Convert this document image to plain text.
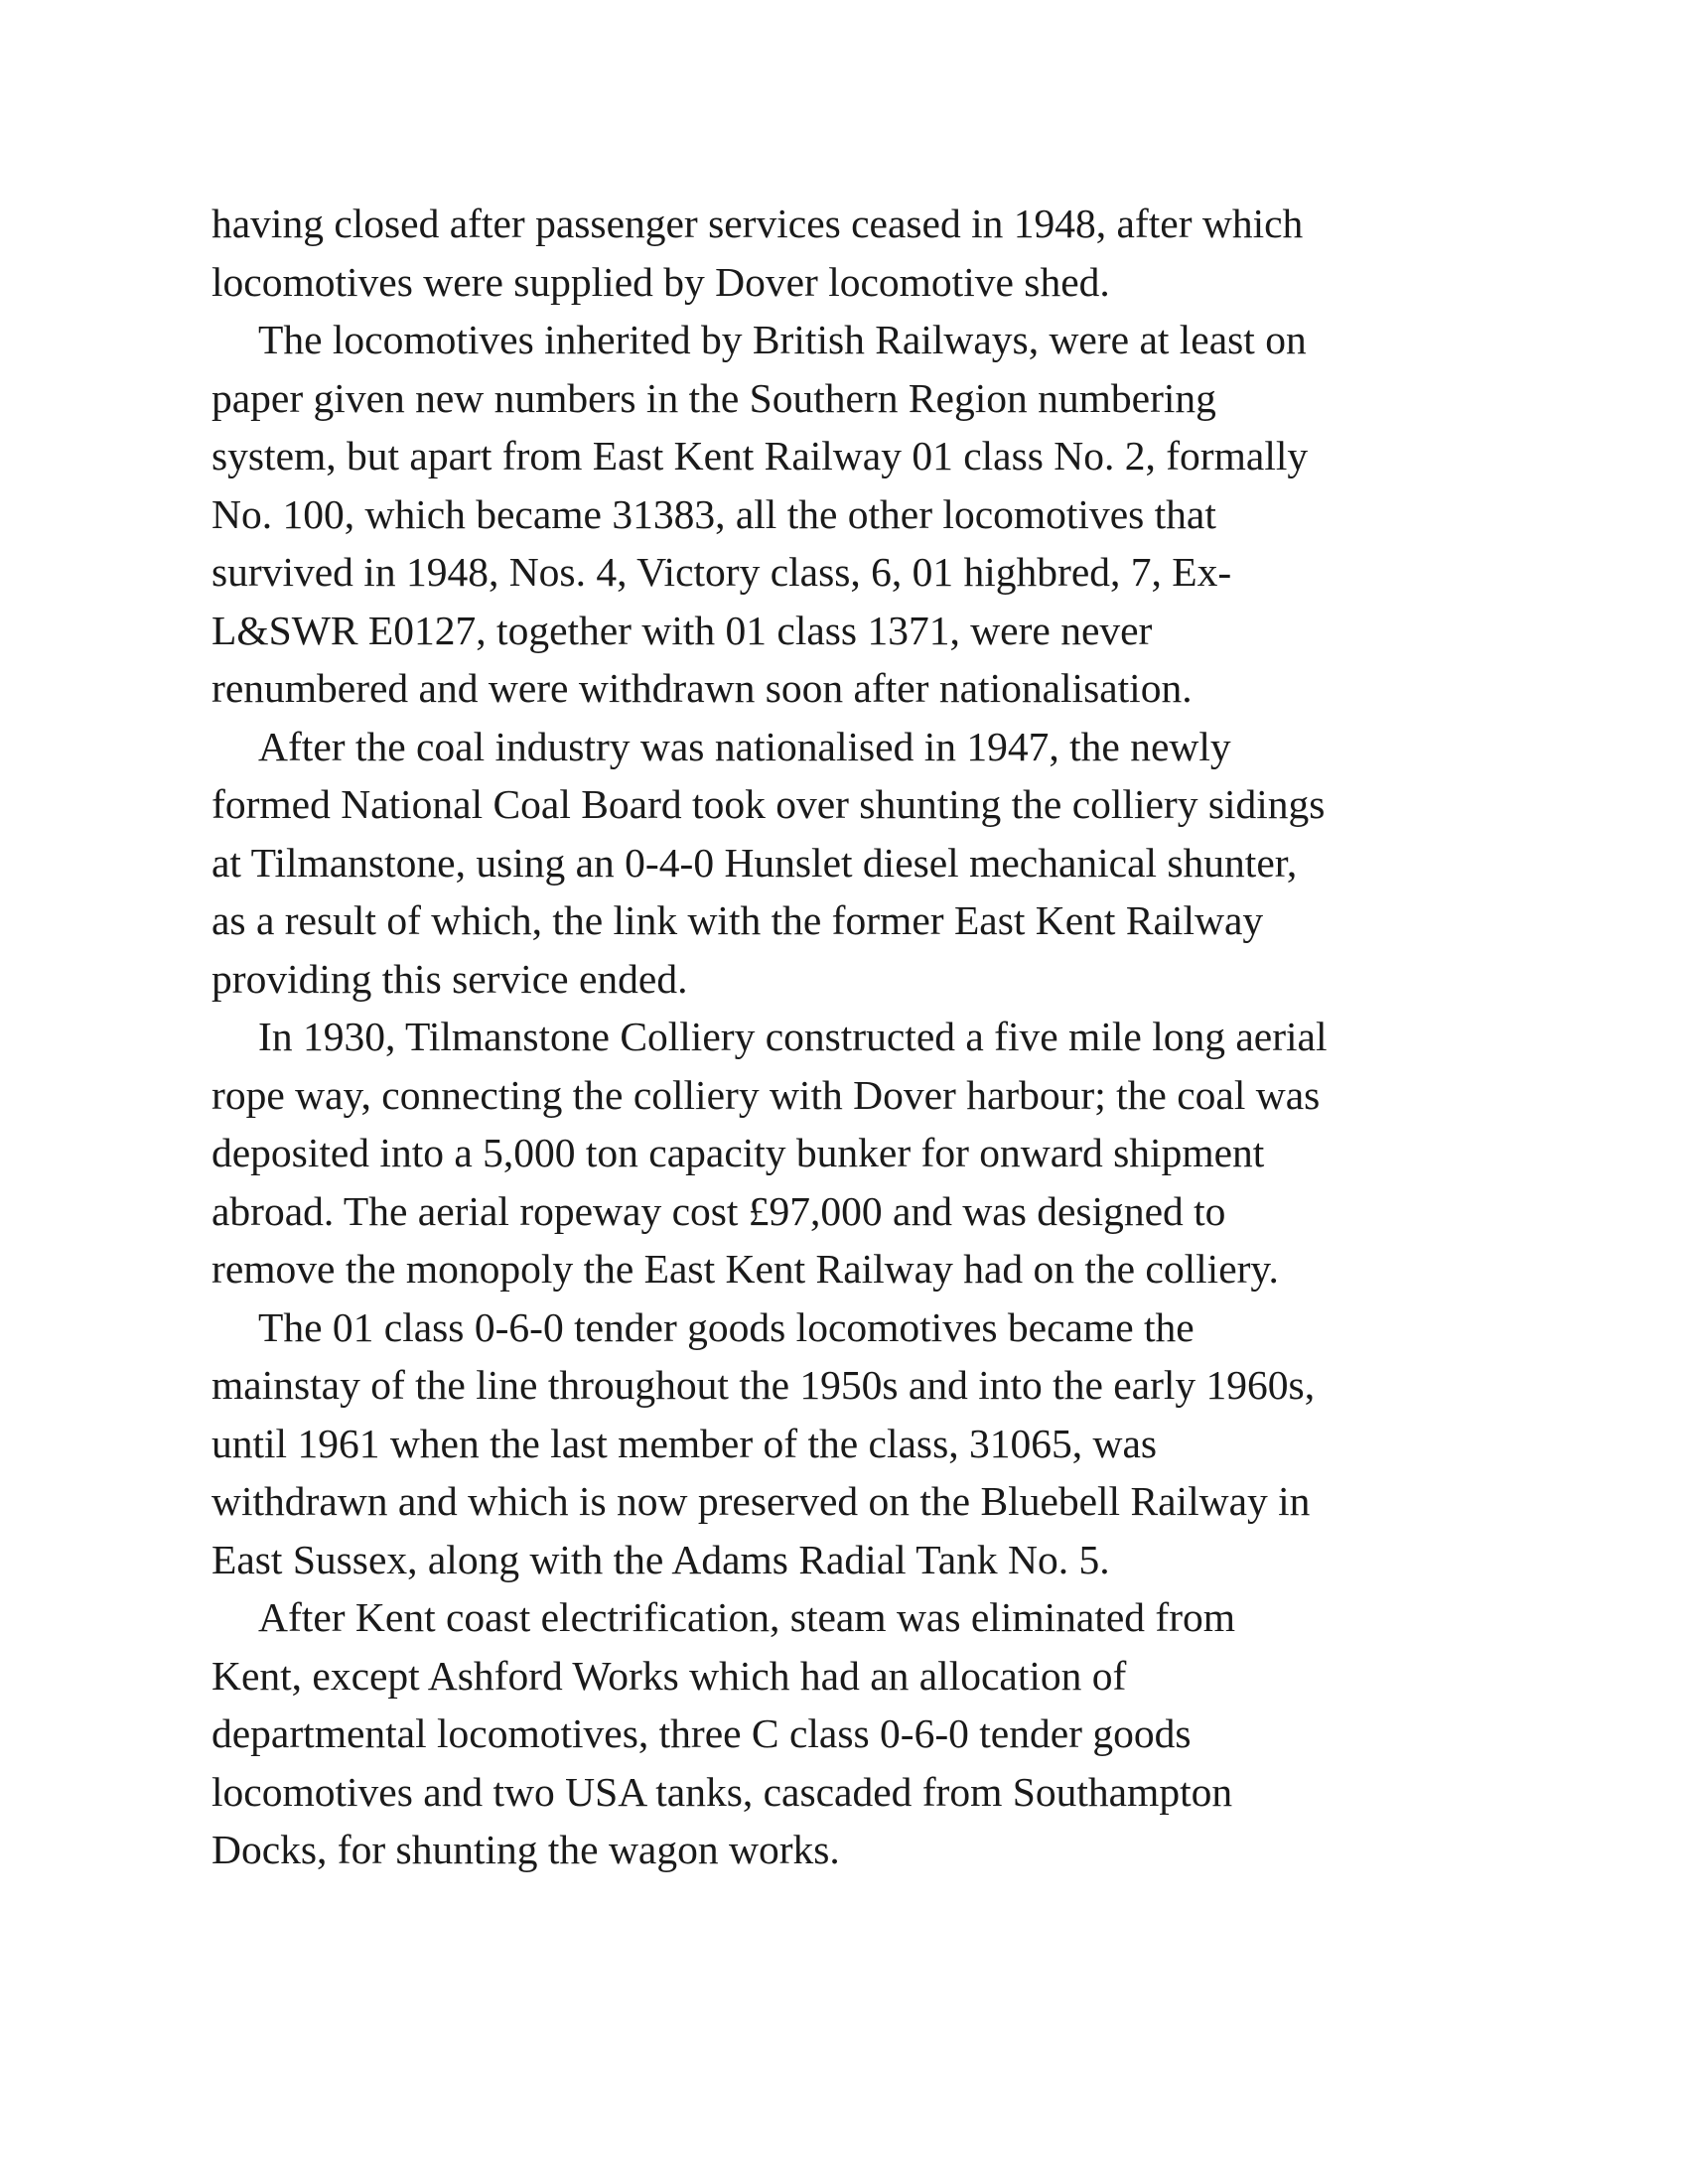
having closed after passenger services ceased in 1948, after which
locomotives were supplied by Dover locomotive shed.
The locomotives inherited by British Railways, were at least on
paper given new numbers in the Southern Region numbering
system, but apart from East Kent Railway 01 class No. 2, formally
No. 100, which became 31383, all the other locomotives that
survived in 1948, Nos. 4, Victory class, 6, 01 highbred, 7, Ex-
L&SWR E0127, together with 01 class 1371, were never
renumbered and were withdrawn soon after nationalisation.
After the coal industry was nationalised in 1947, the newly
formed National Coal Board took over shunting the colliery sidings
at Tilmanstone, using an 0-4-0 Hunslet diesel mechanical shunter,
as a result of which, the link with the former East Kent Railway
providing this service ended.
In 1930, Tilmanstone Colliery constructed a five mile long aerial
rope way, connecting the colliery with Dover harbour; the coal was
deposited into a 5,000 ton capacity bunker for onward shipment
abroad. The aerial ropeway cost £97,000 and was designed to
remove the monopoly the East Kent Railway had on the colliery.
The 01 class 0-6-0 tender goods locomotives became the
mainstay of the line throughout the 1950s and into the early 1960s,
until 1961 when the last member of the class, 31065, was
withdrawn and which is now preserved on the Bluebell Railway in
East Sussex, along with the Adams Radial Tank No. 5.
After Kent coast electrification, steam was eliminated from
Kent, except Ashford Works which had an allocation of
departmental locomotives, three C class 0-6-0 tender goods
locomotives and two USA tanks, cascaded from Southampton
Docks, for shunting the wagon works.
